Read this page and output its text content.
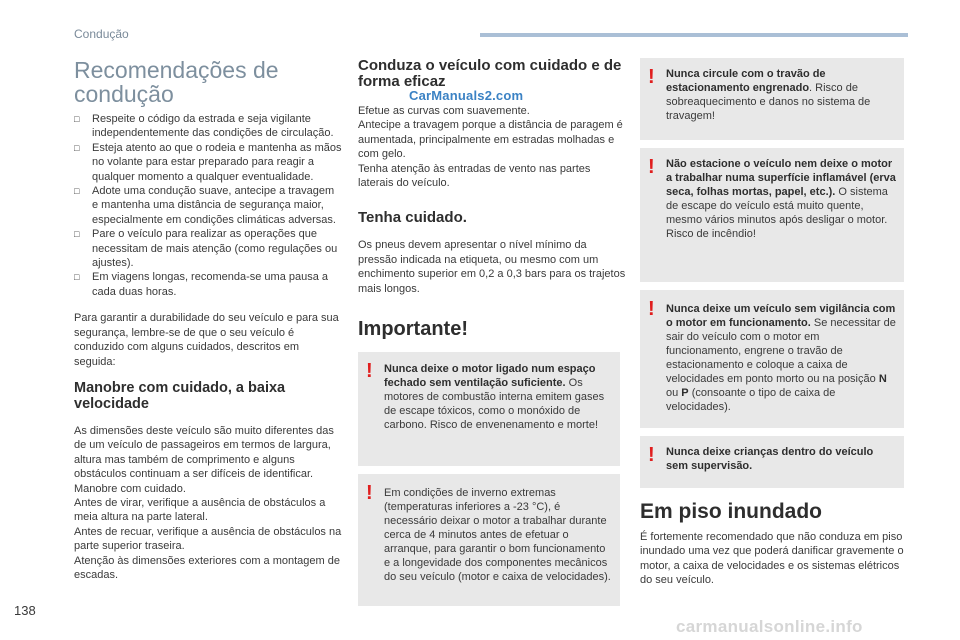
Condução
Recomendações de
condução
□ Respeite o código da estrada e seja vigilante independentemente das condições de circulação.
□ Esteja atento ao que o rodeia e mantenha as mãos no volante para estar preparado para reagir a qualquer momento a qualquer eventualidade.
□ Adote uma condução suave, antecipe a travagem e mantenha uma distância de segurança maior, especialmente em condições climáticas adversas.
□ Pare o veículo para realizar as operações que necessitam de mais atenção (como regulações ou ajustes).
□ Em viagens longas, recomenda-se uma pausa a cada duas horas.

Para garantir a durabilidade do seu veículo e para sua segurança, lembre-se de que o seu veículo é conduzido com alguns cuidados, descritos em seguida:

Manobre com cuidado, a baixa velocidade

As dimensões deste veículo são muito diferentes das de um veículo de passageiros em termos de largura, altura mas também de comprimento e alguns obstáculos continuam a ser difíceis de identificar.

Manobre com cuidado.

Antes de virar, verifique a ausência de obstáculos a meia altura na parte lateral.

Antes de recuar, verifique a ausência de obstáculos na parte superior traseira.

Atenção às dimensões exteriores com a montagem de escadas.

Conduza o veículo com cuidado e de forma eficaz

Efetue as curvas com suavemente.

Antecipe a travagem porque a distância de paragem é aumentada, principalmente em estradas molhadas e com gelo.

Tenha atenção às entradas de vento nas partes laterais do veículo.

Tenha cuidado.

Os pneus devem apresentar o nível mínimo da pressão indicada na etiqueta, ou mesmo com um enchimento superior em 0,2 a 0,3 bars para os trajetos mais longos.

Importante!
CarManuals2.com
! Nunca deixe o motor ligado num espaço fechado sem ventilação suficiente. Os motores de combustão interna emitem gases de escape tóxicos, como o monóxido de carbono. Risco de envenenamento e morte!
! Em condições de inverno extremas (temperaturas inferiores a -23 °C), é necessário deixar o motor a trabalhar durante cerca de 4 minutos antes de efetuar o arranque, para garantir o bom funcionamento e a longevidade dos componentes mecânicos do seu veículo (motor e caixa de velocidades).
! Nunca circule com o travão de estacionamento engrenado. Risco de sobreaquecimento e danos no sistema de travagem!
! Não estacione o veículo nem deixe o motor a trabalhar numa superfície inflamável (erva seca, folhas mortas, papel, etc.). O sistema de escape do veículo está muito quente, mesmo vários minutos após desligar o motor. Risco de incêndio!
! Nunca deixe um veículo sem vigilância com o motor em funcionamento. Se necessitar de sair do veículo com o motor em funcionamento, engrene o travão de estacionamento e coloque a caixa de velocidades em ponto morto ou na posição N ou P (consoante o tipo de caixa de velocidades).
! Nunca deixe crianças dentro do veículo sem supervisão.
Em piso inundado

É fortemente recomendado que não conduza em piso inundado uma vez que poderá danificar gravemente o motor, a caixa de velocidades e os sistemas elétricos do seu veículo.

138
carmanualsonline.info
